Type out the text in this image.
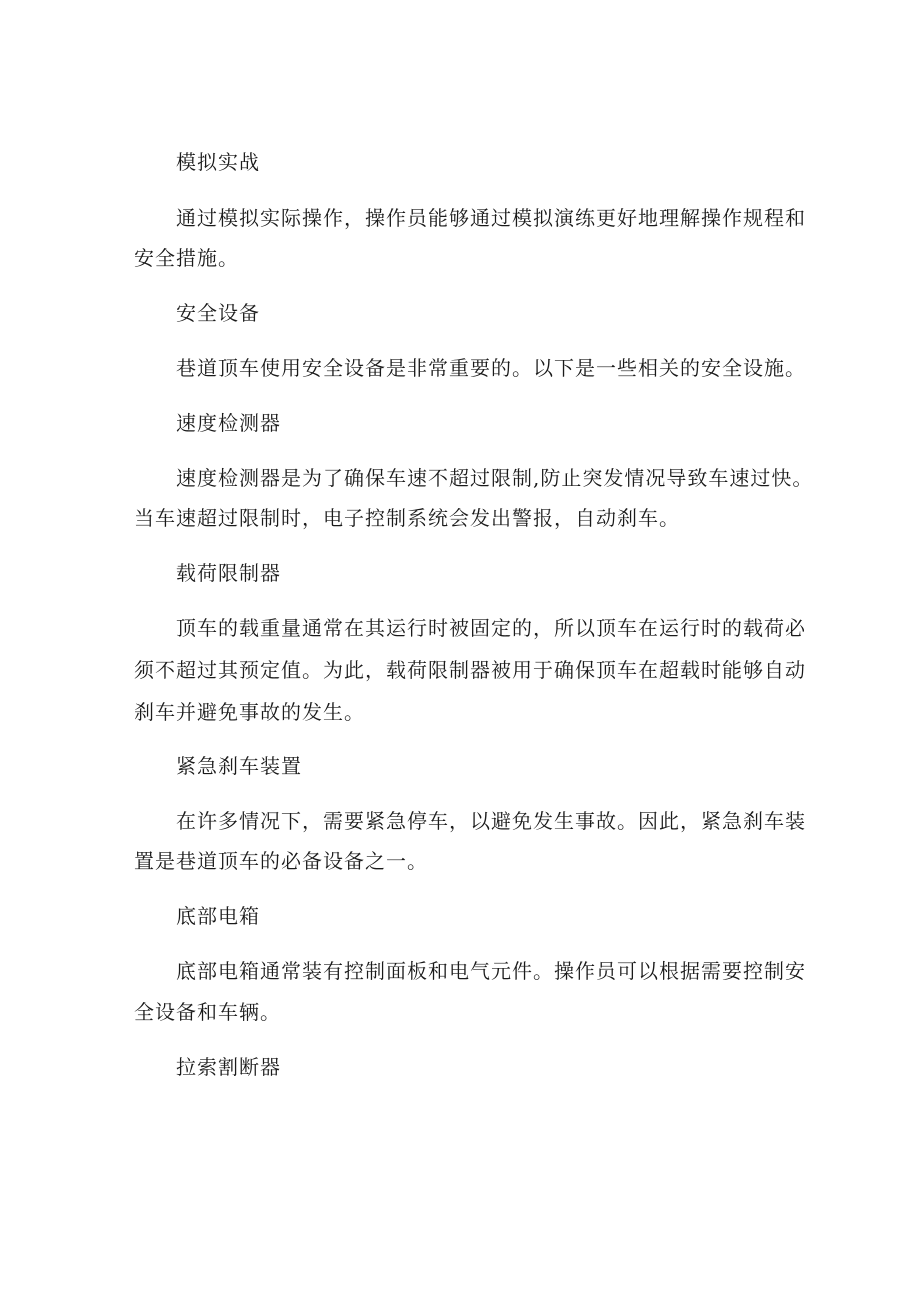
模拟实战
通过模拟实际操作，操作员能够通过模拟演练更好地理解操作规程和
安全措施。
安全设备
巷道顶车使用安全设备是非常重要的。以下是一些相关的安全设施。
速度检测器
速度检测器是为了确保车速不超过限制,防止突发情况导致车速过快。
当车速超过限制时，电子控制系统会发出警报，自动刹车。
载荷限制器
顶车的载重量通常在其运行时被固定的，所以顶车在运行时的载荷必
须不超过其预定值。为此，载荷限制器被用于确保顶车在超载时能够自动
刹车并避免事故的发生。
紧急刹车装置
在许多情况下，需要紧急停车，以避免发生事故。因此，紧急刹车装
置是巷道顶车的必备设备之一。
底部电箱
底部电箱通常装有控制面板和电气元件。操作员可以根据需要控制安
全设备和车辆。
拉索割断器
